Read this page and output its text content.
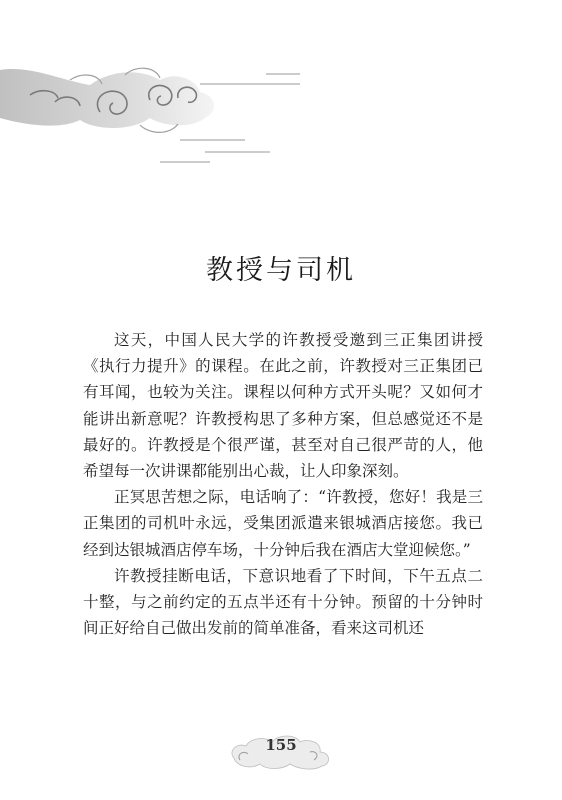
教授与司机

这天，中国人民大学的许教授受邀到三正集团讲授《执行力提升》的课程。在此之前，许教授对三正集团已有耳闻，也较为关注。课程以何种方式开头呢？又如何才能讲出新意呢？许教授构思了多种方案，但总感觉还不是最好的。许教授是个很严谨，甚至对自己很严苛的人，他希望每一次讲课都能别出心裁，让人印象深刻。

正冥思苦想之际，电话响了：“许教授，您好！我是三正集团的司机叶永远，受集团派遣来银城酒店接您。我已经到达银城酒店停车场，十分钟后我在酒店大堂迎候您。”

许教授挂断电话，下意识地看了下时间，下午五点二十整，与之前约定的五点半还有十分钟。预留的十分钟时间正好给自己做出发前的简单准备，看来这司机还

155
